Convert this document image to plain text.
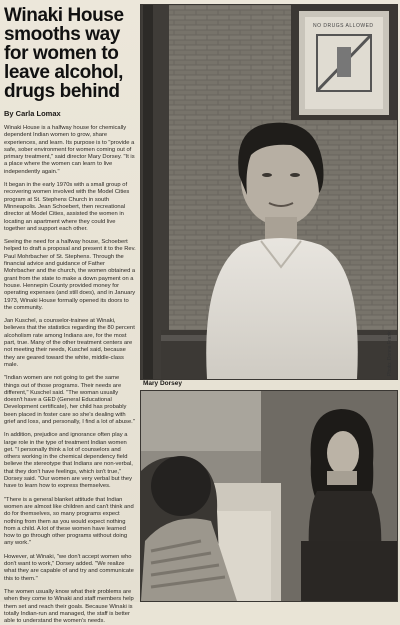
Winaki House
smooths way
for women to
leave alcohol,
drugs behind
By Carla Lomax

Winaki House is a halfway house for chemically dependent Indian women to grow, share experiences, and learn. Its purpose is to "provide a safe, sober environment for women coming out of primary treatment," said director Mary Dorsey. "It is a place where the women can learn to live independently again."

It began in the early 1970s with a small group of recovering women involved with the Model Cities program at St. Stephens Church in south Minneapolis. Jean Schoebert, then recreational director at Model Cities, assisted the women in locating an apartment where they could live together and support each other.

Seeing the need for a halfway house, Schoebert helped to draft a proposal and present it to the Rev. Paul Mohrbacher of St. Stephens. Through the financial advice and guidance of Father Mohrbacher and the church, the women obtained a grant from the state to make a down payment on a house. Hennepin County provided money for operating expenses (and still does), and in January 1973, Winaki House formally opened its doors to the community.

Jan Kuschel, a counselor-trainee at Winaki, believes that the statistics regarding the 80 percent alcoholism rate among Indians are, for the most part, true. Many of the other treatment centers are not meeting their needs, Kuschel said, because they are geared toward the white, middle-class male.

"Indian women are not going to get the same things out of those programs. Their needs are different," Kuschel said. "The woman usually doesn't have a GED (General Educational Development certificate), her child has probably been placed in foster care so she's dealing with grief and loss, and personally, I find a lot of abuse."

In addition, prejudice and ignorance often play a large role in the type of treatment Indian women get. "I personally think a lot of counselors and others working in the chemical dependency field believe the stereotype that Indians are non-verbal, that they don't have feelings, which isn't true," Dorsey said. "Our women are very verbal but they have to learn how to express themselves.

"There is a general blanket attitude that Indian women are almost like children and can't think and do for themselves, so many programs expect nothing from them as you would expect nothing from a child. A lot of these women have learned how to go through other programs without doing any work."

However, at Winaki, "we don't accept women who don't want to work," Dorsey added. "We realize what they are capable of and try and communicate this to them."

The women usually know what their problems are when they come to Winaki and staff members help them set and reach their goals. Because Winaki is totally Indian-run and managed, the staff is better able to understand the women's needs.

NO DRUGS ALLOWED
Photo: Donna Frank
Mary Dorsey
